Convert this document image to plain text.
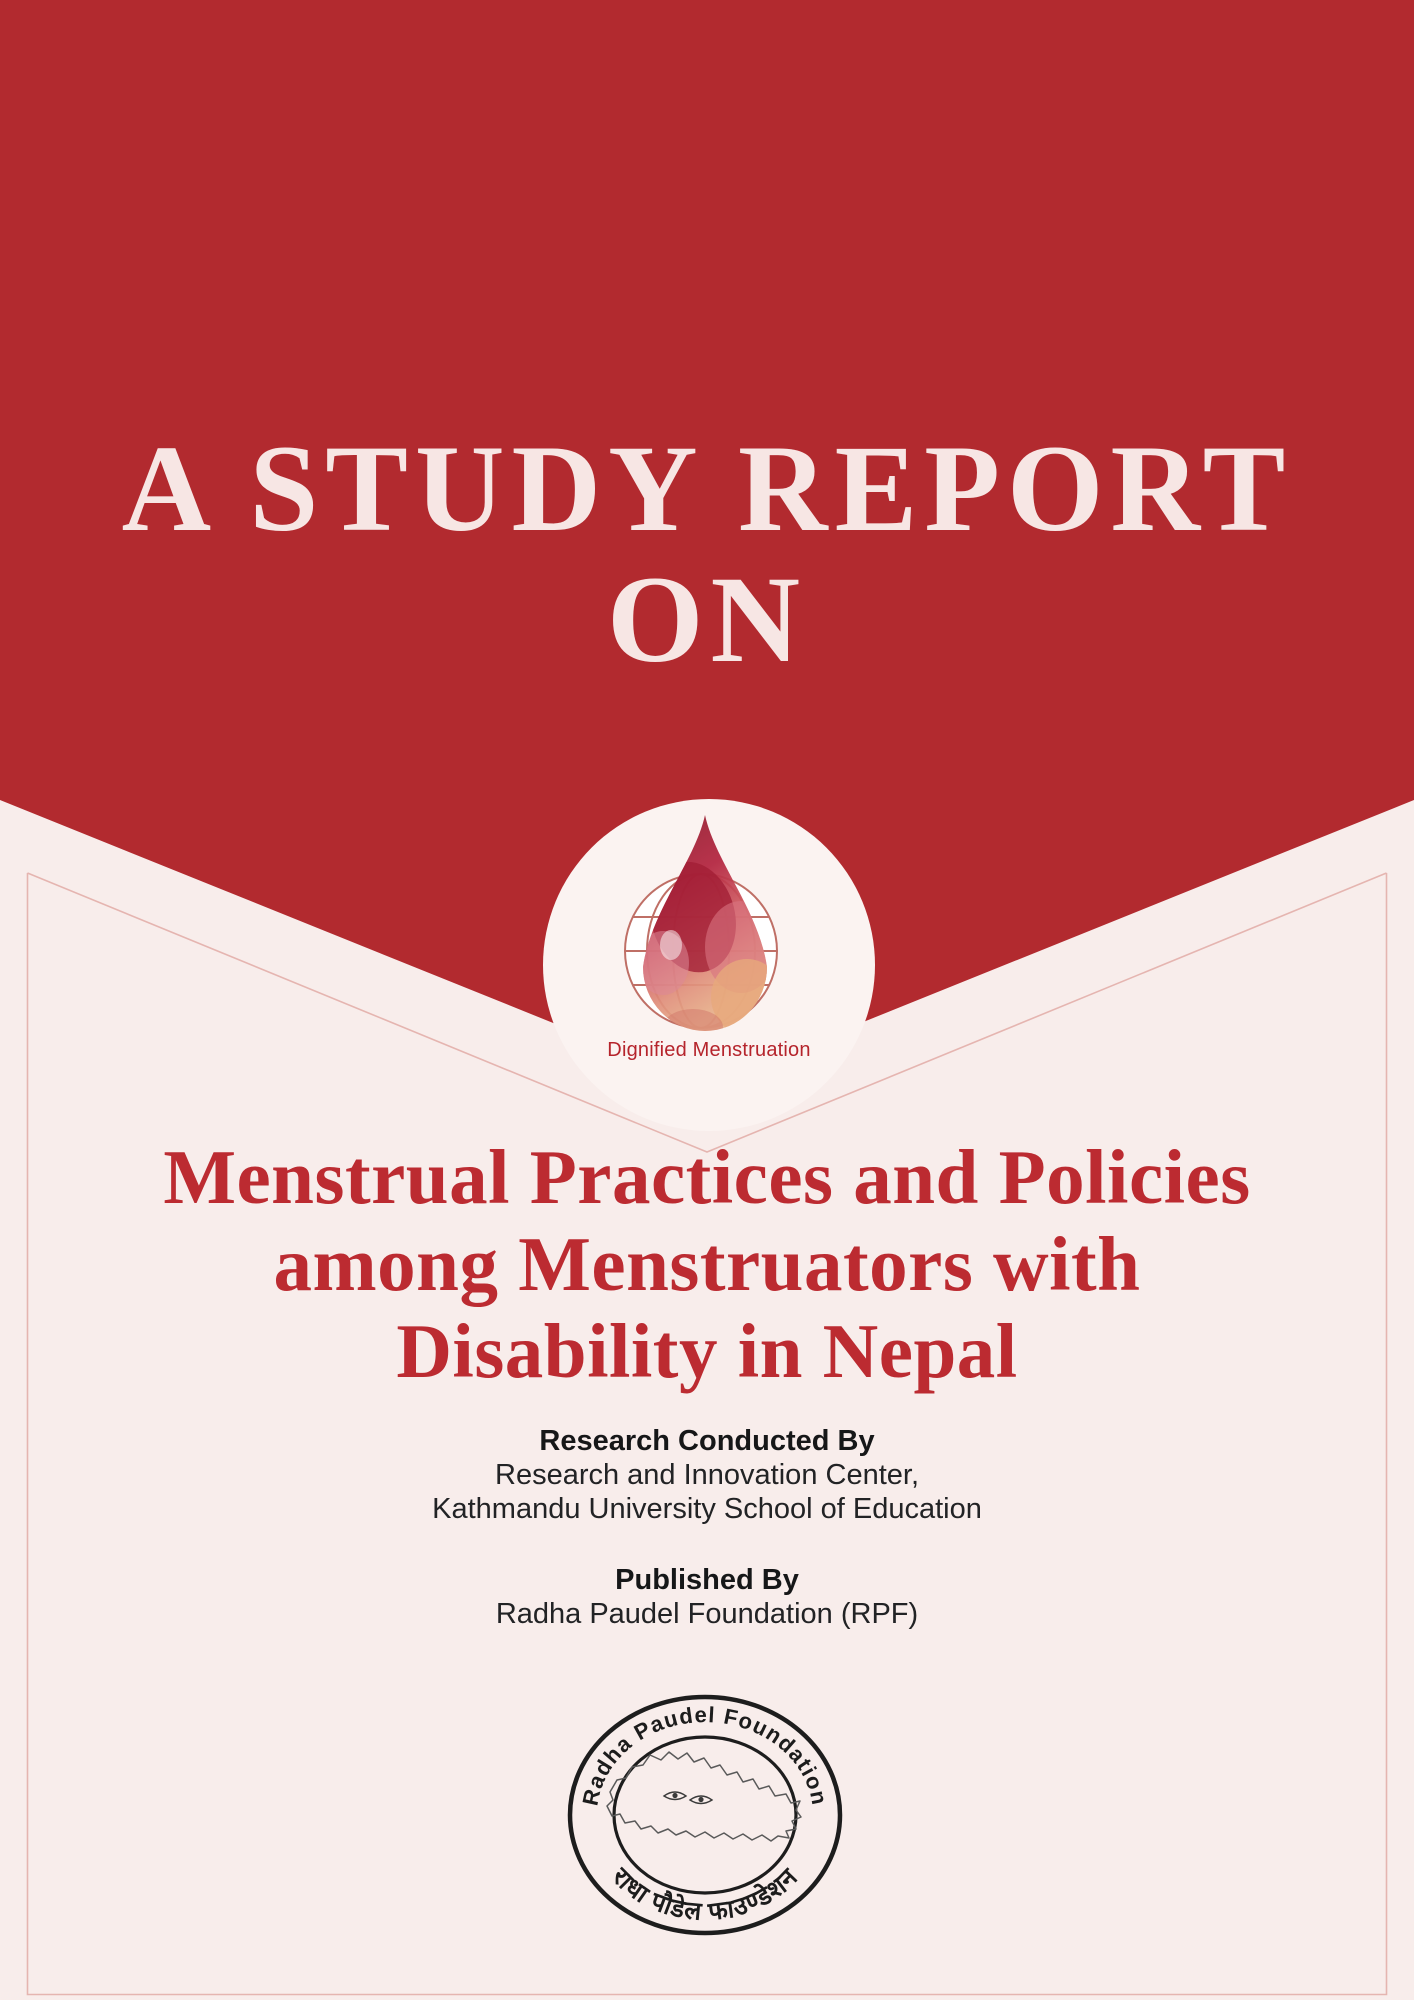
A STUDY REPORT
ON
Dignified Menstruation
Menstrual Practices and Policies
among Menstruators with
Disability in Nepal

Research Conducted By

Research and Innovation Center,

Kathmandu University School of Education

Published By

Radha Paudel Foundation (RPF)

Radha Paudel Foundation
राधा पौडेल फाउण्डेशन
